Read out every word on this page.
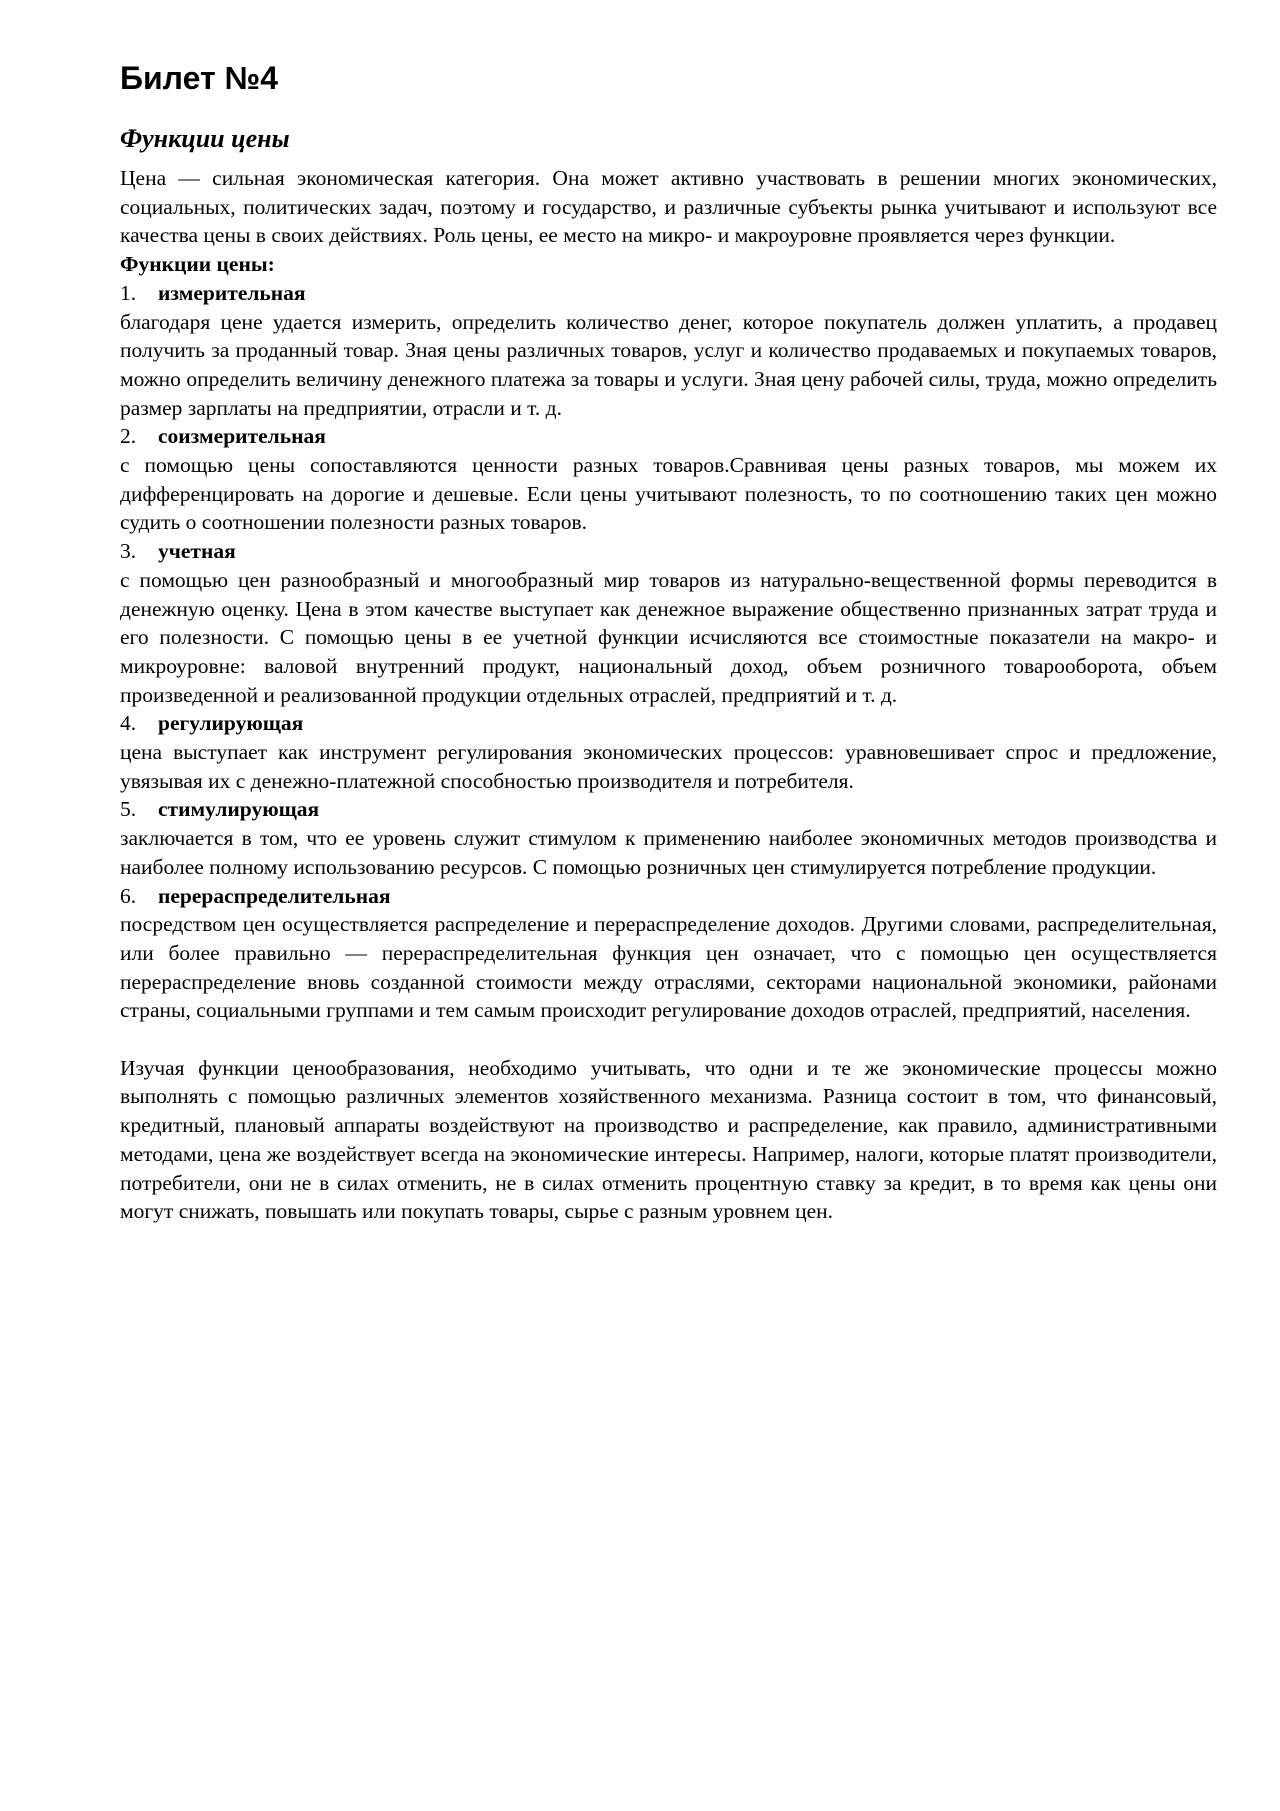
Билет №4
Функции цены

Цена — сильная экономическая категория. Она может активно участвовать в решении многих экономических, социальных, политических задач, поэтому и государство, и различные субъекты рынка учитывают и используют все качества цены в своих действиях. Роль цены, ее место на микро- и макроуровне проявляется через функции.

Функции цены:

1.	измерительная

благодаря цене удается измерить, определить количество денег, которое покупатель должен уплатить, а продавец получить за проданный товар. Зная цены различных товаров, услуг и количество продаваемых и покупаемых товаров, можно определить величину денежного платежа за товары и услуги. Зная цену рабочей силы, труда, можно определить размер зарплаты на предприятии, отрасли и т. д.

2.	соизмерительная

с помощью цены сопоставляются ценности разных товаров.Сравнивая цены разных товаров, мы можем их дифференцировать на дорогие и дешевые. Если цены учитывают полезность, то по соотношению таких цен можно судить о соотношении полезности разных товаров.

3.	учетная

с помощью цен разнообразный и многообразный мир товаров из натурально-вещественной формы переводится в денежную оценку. Цена в этом качестве выступает как денежное выражение общественно признанных затрат труда и его полезности. С помощью цены в ее учетной функции исчисляются все стоимостные показатели на макро- и микроуровне: валовой внутренний продукт, национальный доход, объем розничного товарооборота, объем произведенной и реализованной продукции отдельных отраслей, предприятий и т. д.

4.	регулирующая

цена выступает как инструмент регулирования экономических процессов: уравновешивает спрос и предложение, увязывая их с денежно-платежной способностью производителя и потребителя.

5.	стимулирующая

заключается в том, что ее уровень служит стимулом к применению наиболее экономичных методов производства и наиболее полному использованию ресурсов. С помощью розничных цен стимулируется потребление продукции.

6.	перераспределительная

посредством цен осуществляется распределение и перераспределение доходов. Другими словами, распределительная, или более правильно — перераспределительная функция цен означает, что с помощью цен осуществляется перераспределение вновь созданной стоимости между отраслями, секторами национальной экономики, районами страны, социальными группами и тем самым происходит регулирование доходов отраслей, предприятий, населения.

Изучая функции ценообразования, необходимо учитывать, что одни и те же экономические процессы можно выполнять с помощью различных элементов хозяйственного механизма. Разница состоит в том, что финансовый, кредитный, плановый аппараты воздействуют на производство и распределение, как правило, административными методами, цена же воздействует всегда на экономические интересы. Например, налоги, которые платят производители, потребители, они не в силах отменить, не в силах отменить процентную ставку за кредит, в то время как цены они могут снижать, повышать или покупать товары, сырье с разным уровнем цен.
